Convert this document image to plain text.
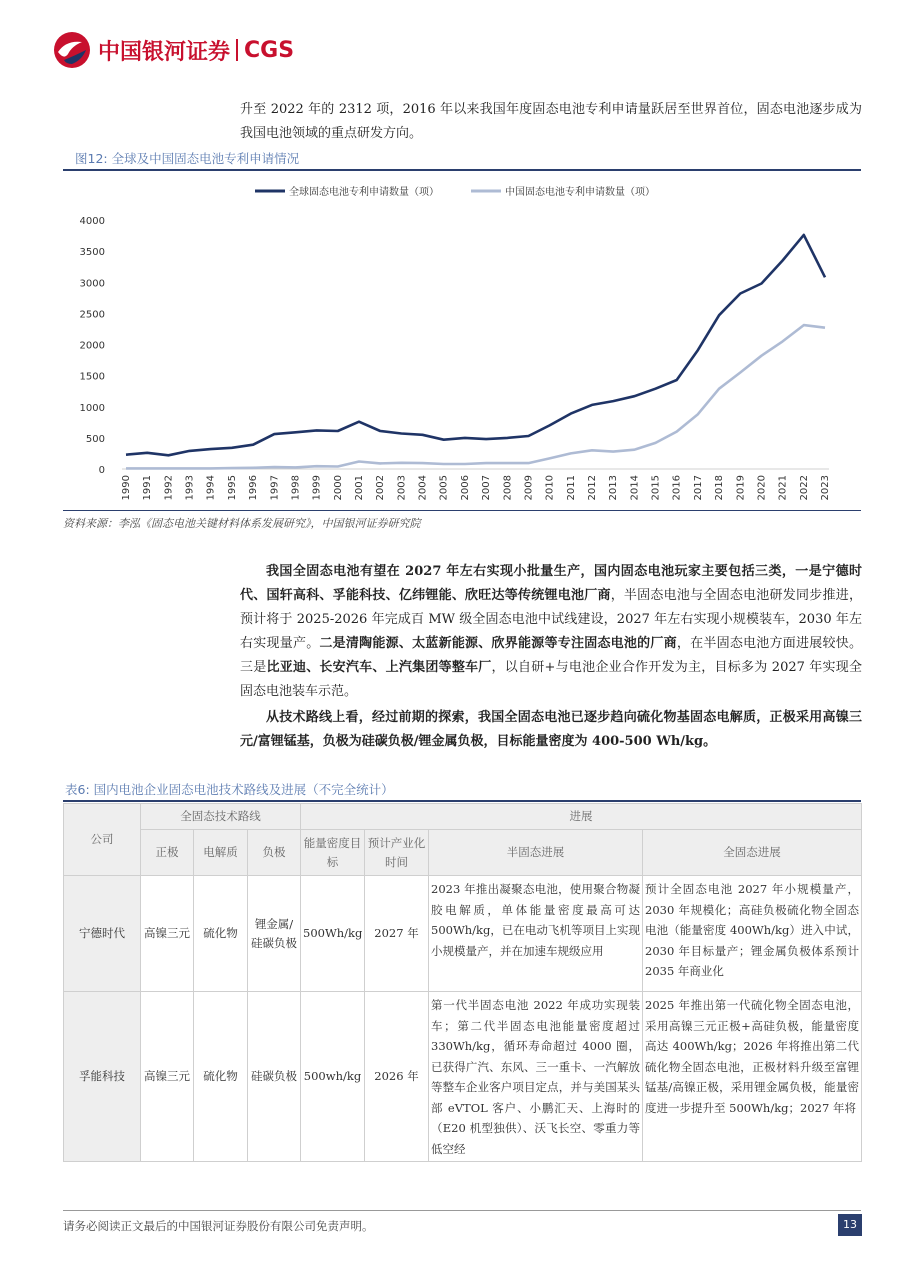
中国银河证券 CGS

升至 2022 年的 2312 项，2016 年以来我国年度固态电池专利申请量跃居至世界首位，固态电池逐步成为我国电池领域的重点研发方向。

图12: 全球及中国固态电池专利申请情况
全球固态电池专利申请数量（项）	中国固态电池专利申请数量（项）
4000
3500
3000
2500
2000
1500
1000
500
0
1990 1991 1992 1993 1994 1995 1996 1997 1998 1999 2000 2001 2002 2003 2004 2005 2006 2007 2008 2009 2010 2011 2012 2013 2014 2015 2016 2017 2018 2019 2020 2021 2022 2023
资料来源：李泓《固态电池关键材料体系发展研究》，中国银河证券研究院

我国全固态电池有望在 2027 年左右实现小批量生产，国内固态电池玩家主要包括三类，一是宁德时代、国轩高科、孚能科技、亿纬锂能、欣旺达等传统锂电池厂商，半固态电池与全固态电池研发同步推进，预计将于 2025-2026 年完成百 MW 级全固态电池中试线建设，2027 年左右实现小规模装车，2030 年左右实现量产。二是清陶能源、太蓝新能源、欣界能源等专注固态电池的厂商，在半固态电池方面进展较快。三是比亚迪、长安汽车、上汽集团等整车厂，以自研+与电池企业合作开发为主，目标多为 2027 年实现全固态电池装车示范。

从技术路线上看，经过前期的探索，我国全固态电池已逐步趋向硫化物基固态电解质，正极采用高镍三元/富锂锰基，负极为硅碳负极/锂金属负极，目标能量密度为 400-500 Wh/kg。

表6: 国内电池企业固态电池技术路线及进展（不完全统计）
公司	全固态技术路线			进展			
	正极	电解质	负极	能量密度目标	预计产业化时间	半固态进展	全固态进展
宁德时代	高镍三元	硫化物	锂金属/硅碳负极	500Wh/kg	2027 年	2023 年推出凝聚态电池，使用聚合物凝胶电解质，单体能量密度最高可达 500Wh/kg，已在电动飞机等项目上实现小规模量产，并在加速车规级应用	预计全固态电池 2027 年小规模量产，2030 年规模化；高硅负极硫化物全固态电池（能量密度 400Wh/kg）进入中试，2030 年目标量产；锂金属负极体系预计 2035 年商业化
孚能科技	高镍三元	硫化物	硅碳负极	500wh/kg	2026 年	第一代半固态电池 2022 年成功实现装车；第二代半固态电池能量密度超过 330Wh/kg，循环寿命超过 4000 圈，已获得广汽、东风、三一重卡、一汽解放等整车企业客户项目定点，并与美国某头部 eVTOL 客户、小鹏汇天、上海时的（E20 机型独供）、沃飞长空、零重力等低空经	2025 年推出第一代硫化物全固态电池，采用高镍三元正极+高硅负极，能量密度高达 400Wh/kg；2026 年将推出第二代硫化物全固态电池，正极材料升级至富锂锰基/高镍正极，采用锂金属负极，能量密度进一步提升至 500Wh/kg；2027 年将
请务必阅读正文最后的中国银河证券股份有限公司免责声明。	13
